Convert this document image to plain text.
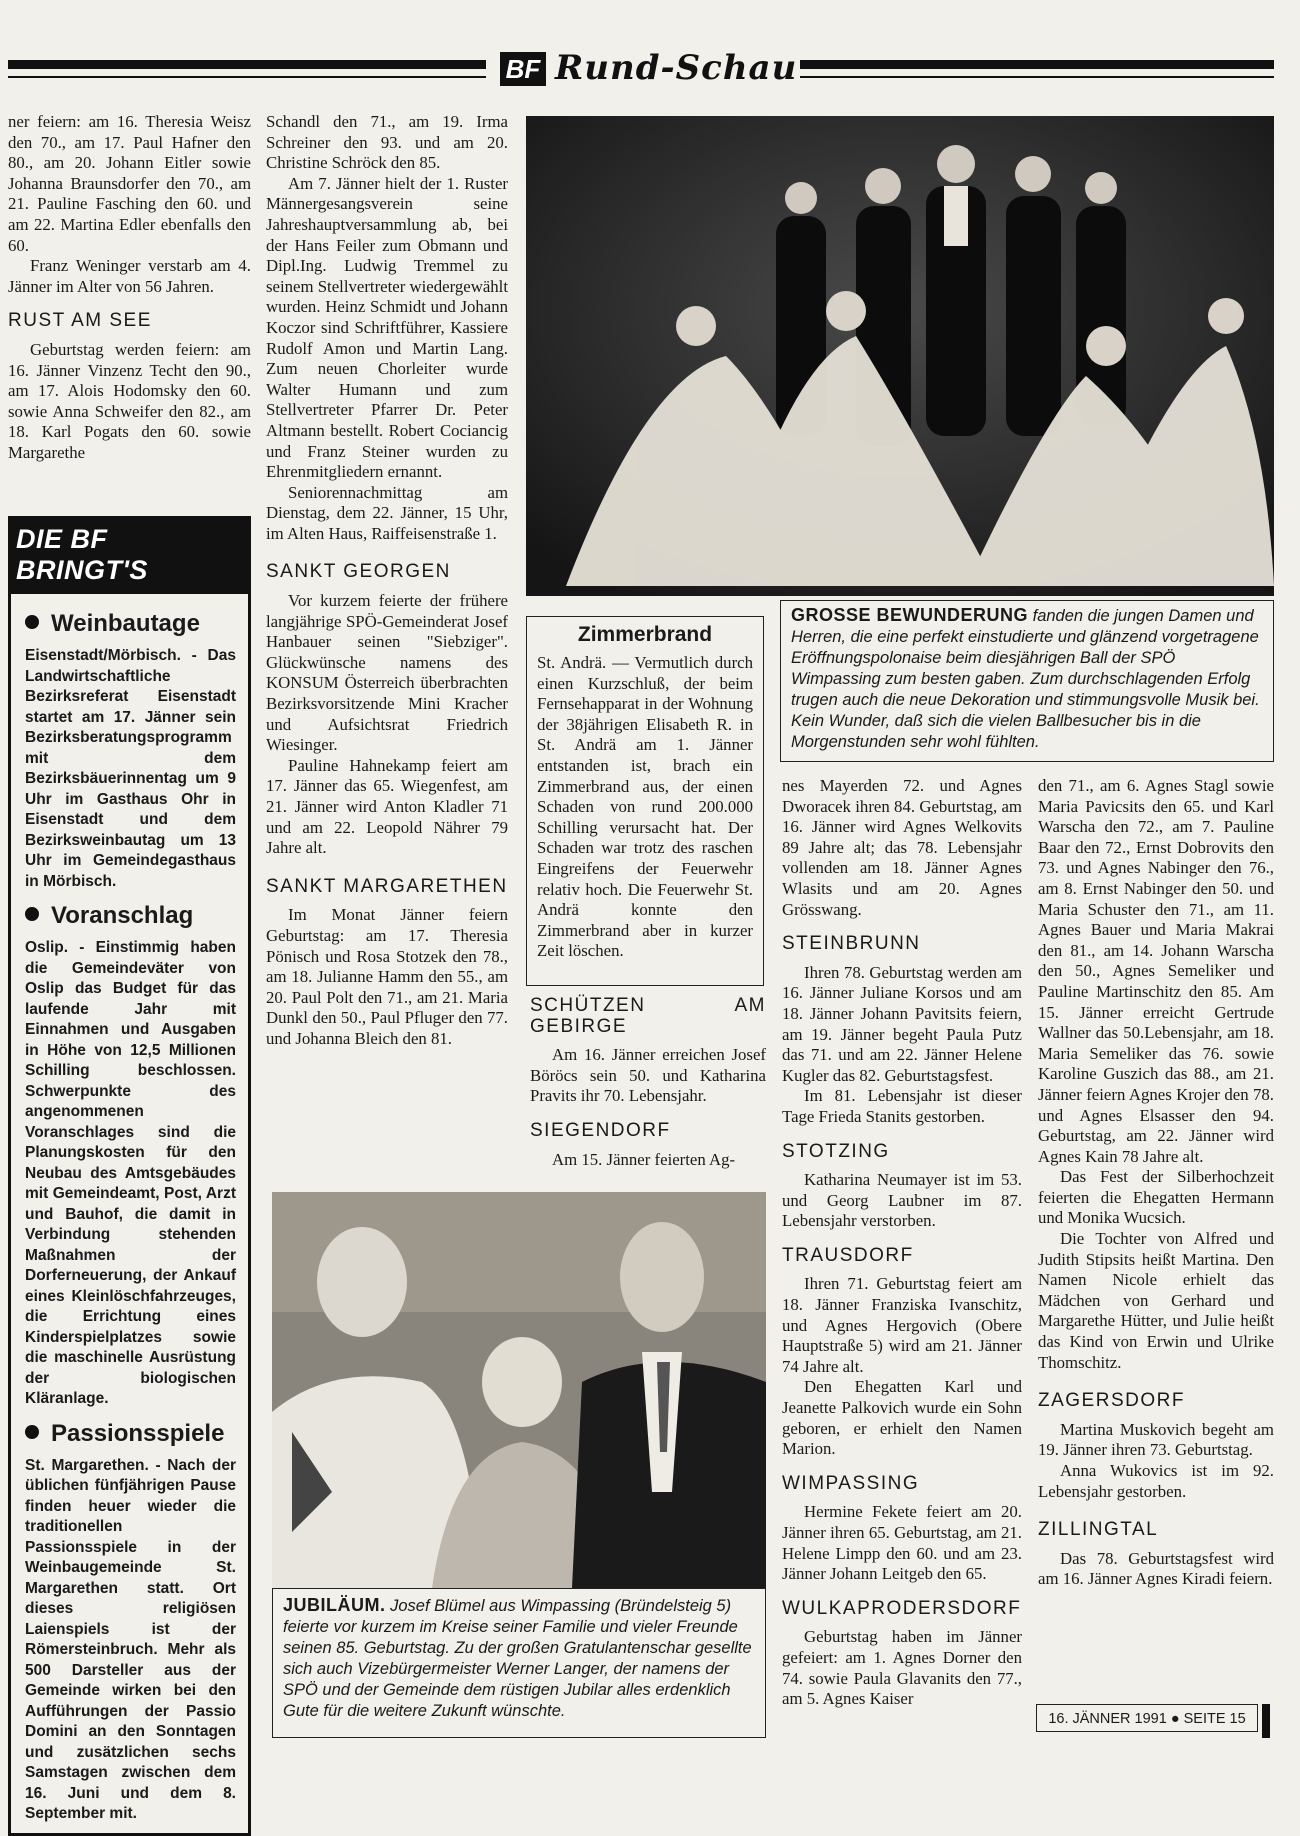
BF Rund-Schau

ner feiern: am 16. Theresia Weisz den 70., am 17. Paul Hafner den 80., am 20. Johann Eitler sowie Johanna Braunsdorfer den 70., am 21. Pauline Fasching den 60. und am 22. Martina Edler ebenfalls den 60.

Franz Weninger verstarb am 4. Jänner im Alter von 56 Jahren.

RUST AM SEE

Geburtstag werden feiern: am 16. Jänner Vinzenz Techt den 90., am 17. Alois Hodomsky den 60. sowie Anna Schweifer den 82., am 18. Karl Pogats den 60. sowie Margarethe

DIE BF BRINGT'S
Weinbautage

Eisenstadt/Mörbisch. - Das Landwirtschaftliche Bezirksreferat Eisenstadt startet am 17. Jänner sein Bezirksberatungsprogramm mit dem Bezirksbäuerinnentag um 9 Uhr im Gasthaus Ohr in Eisenstadt und dem Bezirksweinbautag um 13 Uhr im Gemeindegasthaus in Mörbisch.

Voranschlag

Oslip. - Einstimmig haben die Gemeindeväter von Oslip das Budget für das laufende Jahr mit Einnahmen und Ausgaben in Höhe von 12,5 Millionen Schilling beschlossen. Schwerpunkte des angenommenen Voranschlages sind die Planungskosten für den Neubau des Amtsgebäudes mit Gemeindeamt, Post, Arzt und Bauhof, die damit in Verbindung stehenden Maßnahmen der Dorferneuerung, der Ankauf eines Kleinlöschfahrzeuges, die Errichtung eines Kinderspielplatzes sowie die maschinelle Ausrüstung der biologischen Kläranlage.

Passionsspiele

St. Margarethen. - Nach der üblichen fünfjährigen Pause finden heuer wieder die traditionellen Passionsspiele in der Weinbaugemeinde St. Margarethen statt. Ort dieses religiösen Laienspiels ist der Römersteinbruch. Mehr als 500 Darsteller aus der Gemeinde wirken bei den Aufführungen der Passio Domini an den Sonntagen und zusätzlichen sechs Samstagen zwischen dem 16. Juni und dem 8. September mit.

Schandl den 71., am 19. Irma Schreiner den 93. und am 20. Christine Schröck den 85.

Am 7. Jänner hielt der 1. Ruster Männergesangsverein seine Jahreshauptversammlung ab, bei der Hans Feiler zum Obmann und Dipl.Ing. Ludwig Tremmel zu seinem Stellvertreter wiedergewählt wurden. Heinz Schmidt und Johann Koczor sind Schriftführer, Kassiere Rudolf Amon und Martin Lang. Zum neuen Chorleiter wurde Walter Humann und zum Stellvertreter Pfarrer Dr. Peter Altmann bestellt. Robert Cociancig und Franz Steiner wurden zu Ehrenmitgliedern ernannt.

Seniorennachmittag am Dienstag, dem 22. Jänner, 15 Uhr, im Alten Haus, Raiffeisenstraße 1.

SANKT GEORGEN

Vor kurzem feierte der frühere langjährige SPÖ-Gemeinderat Josef Hanbauer seinen "Siebziger". Glückwünsche namens des KONSUM Österreich überbrachten Bezirksvorsitzende Mini Kracher und Aufsichtsrat Friedrich Wiesinger.

Pauline Hahnekamp feiert am 17. Jänner das 65. Wiegenfest, am 21. Jänner wird Anton Kladler 71 und am 22. Leopold Nährer 79 Jahre alt.

SANKT MARGARETHEN

Im Monat Jänner feiern Geburtstag: am 17. Theresia Pönisch und Rosa Stotzek den 78., am 18. Julianne Hamm den 55., am 20. Paul Polt den 71., am 21. Maria Dunkl den 50., Paul Pfluger den 77. und Johanna Bleich den 81.

GROSSE BEWUNDERUNG fanden die jungen Damen und Herren, die eine perfekt einstudierte und glänzend vorgetragene Eröffnungspolonaise beim diesjährigen Ball der SPÖ Wimpassing zum besten gaben. Zum durchschlagenden Erfolg trugen auch die neue Dekoration und stimmungsvolle Musik bei. Kein Wunder, daß sich die vielen Ballbesucher bis in die Morgenstunden sehr wohl fühlten.
Zimmerbrand
St. Andrä. — Vermutlich durch einen Kurzschluß, der beim Fernsehapparat in der Wohnung der 38jährigen Elisabeth R. in St. Andrä am 1. Jänner entstanden ist, brach ein Zimmerbrand aus, der einen Schaden von rund 200.000 Schilling verursacht hat. Der Schaden war trotz des raschen Eingreifens der Feuerwehr relativ hoch. Die Feuerwehr St. Andrä konnte den Zimmerbrand aber in kurzer Zeit löschen.
SCHÜTZEN AM GEBIRGE

Am 16. Jänner erreichen Josef Böröcs sein 50. und Katharina Pravits ihr 70. Lebensjahr.

SIEGENDORF

Am 15. Jänner feierten Ag-

JUBILÄUM. Josef Blümel aus Wimpassing (Bründelsteig 5) feierte vor kurzem im Kreise seiner Familie und vieler Freunde seinen 85. Geburtstag. Zu der großen Gratulantenschar gesellte sich auch Vizebürgermeister Werner Langer, der namens der SPÖ und der Gemeinde dem rüstigen Jubilar alles erdenklich Gute für die weitere Zukunft wünschte.

nes Mayerden 72. und Agnes Dworacek ihren 84. Geburtstag, am 16. Jänner wird Agnes Welkovits 89 Jahre alt; das 78. Lebensjahr vollenden am 18. Jänner Agnes Wlasits und am 20. Agnes Grösswang.

STEINBRUNN

Ihren 78. Geburtstag werden am 16. Jänner Juliane Korsos und am 18. Jänner Johann Pavitsits feiern, am 19. Jänner begeht Paula Putz das 71. und am 22. Jänner Helene Kugler das 82. Geburtstagsfest.

Im 81. Lebensjahr ist dieser Tage Frieda Stanits gestorben.

STOTZING

Katharina Neumayer ist im 53. und Georg Laubner im 87. Lebensjahr verstorben.

TRAUSDORF

Ihren 71. Geburtstag feiert am 18. Jänner Franziska Ivanschitz, und Agnes Hergovich (Obere Hauptstraße 5) wird am 21. Jänner 74 Jahre alt.

Den Ehegatten Karl und Jeanette Palkovich wurde ein Sohn geboren, er erhielt den Namen Marion.

WIMPASSING

Hermine Fekete feiert am 20. Jänner ihren 65. Geburtstag, am 21. Helene Limpp den 60. und am 23. Jänner Johann Leitgeb den 65.

WULKAPRODERSDORF

Geburtstag haben im Jänner gefeiert: am 1. Agnes Dorner den 74. sowie Paula Glavanits den 77., am 5. Agnes Kaiser

den 71., am 6. Agnes Stagl sowie Maria Pavicsits den 65. und Karl Warscha den 72., am 7. Pauline Baar den 72., Ernst Dobrovits den 73. und Agnes Nabinger den 76., am 8. Ernst Nabinger den 50. und Maria Schuster den 71., am 11. Agnes Bauer und Maria Makrai den 81., am 14. Johann Warscha den 50., Agnes Semeliker und Pauline Martinschitz den 85. Am 15. Jänner erreicht Gertrude Wallner das 50.Lebensjahr, am 18. Maria Semeliker das 76. sowie Karoline Guszich das 88., am 21. Jänner feiern Agnes Krojer den 78. und Agnes Elsasser den 94. Geburtstag, am 22. Jänner wird Agnes Kain 78 Jahre alt.

Das Fest der Silberhochzeit feierten die Ehegatten Hermann und Monika Wucsich.

Die Tochter von Alfred und Judith Stipsits heißt Martina. Den Namen Nicole erhielt das Mädchen von Gerhard und Margarethe Hütter, und Julie heißt das Kind von Erwin und Ulrike Thomschitz.

ZAGERSDORF

Martina Muskovich begeht am 19. Jänner ihren 73. Geburtstag.

Anna Wukovics ist im 92. Lebensjahr gestorben.

ZILLINGTAL

Das 78. Geburtstagsfest wird am 16. Jänner Agnes Kiradi feiern.

16. JÄNNER 1991 ● SEITE 15
